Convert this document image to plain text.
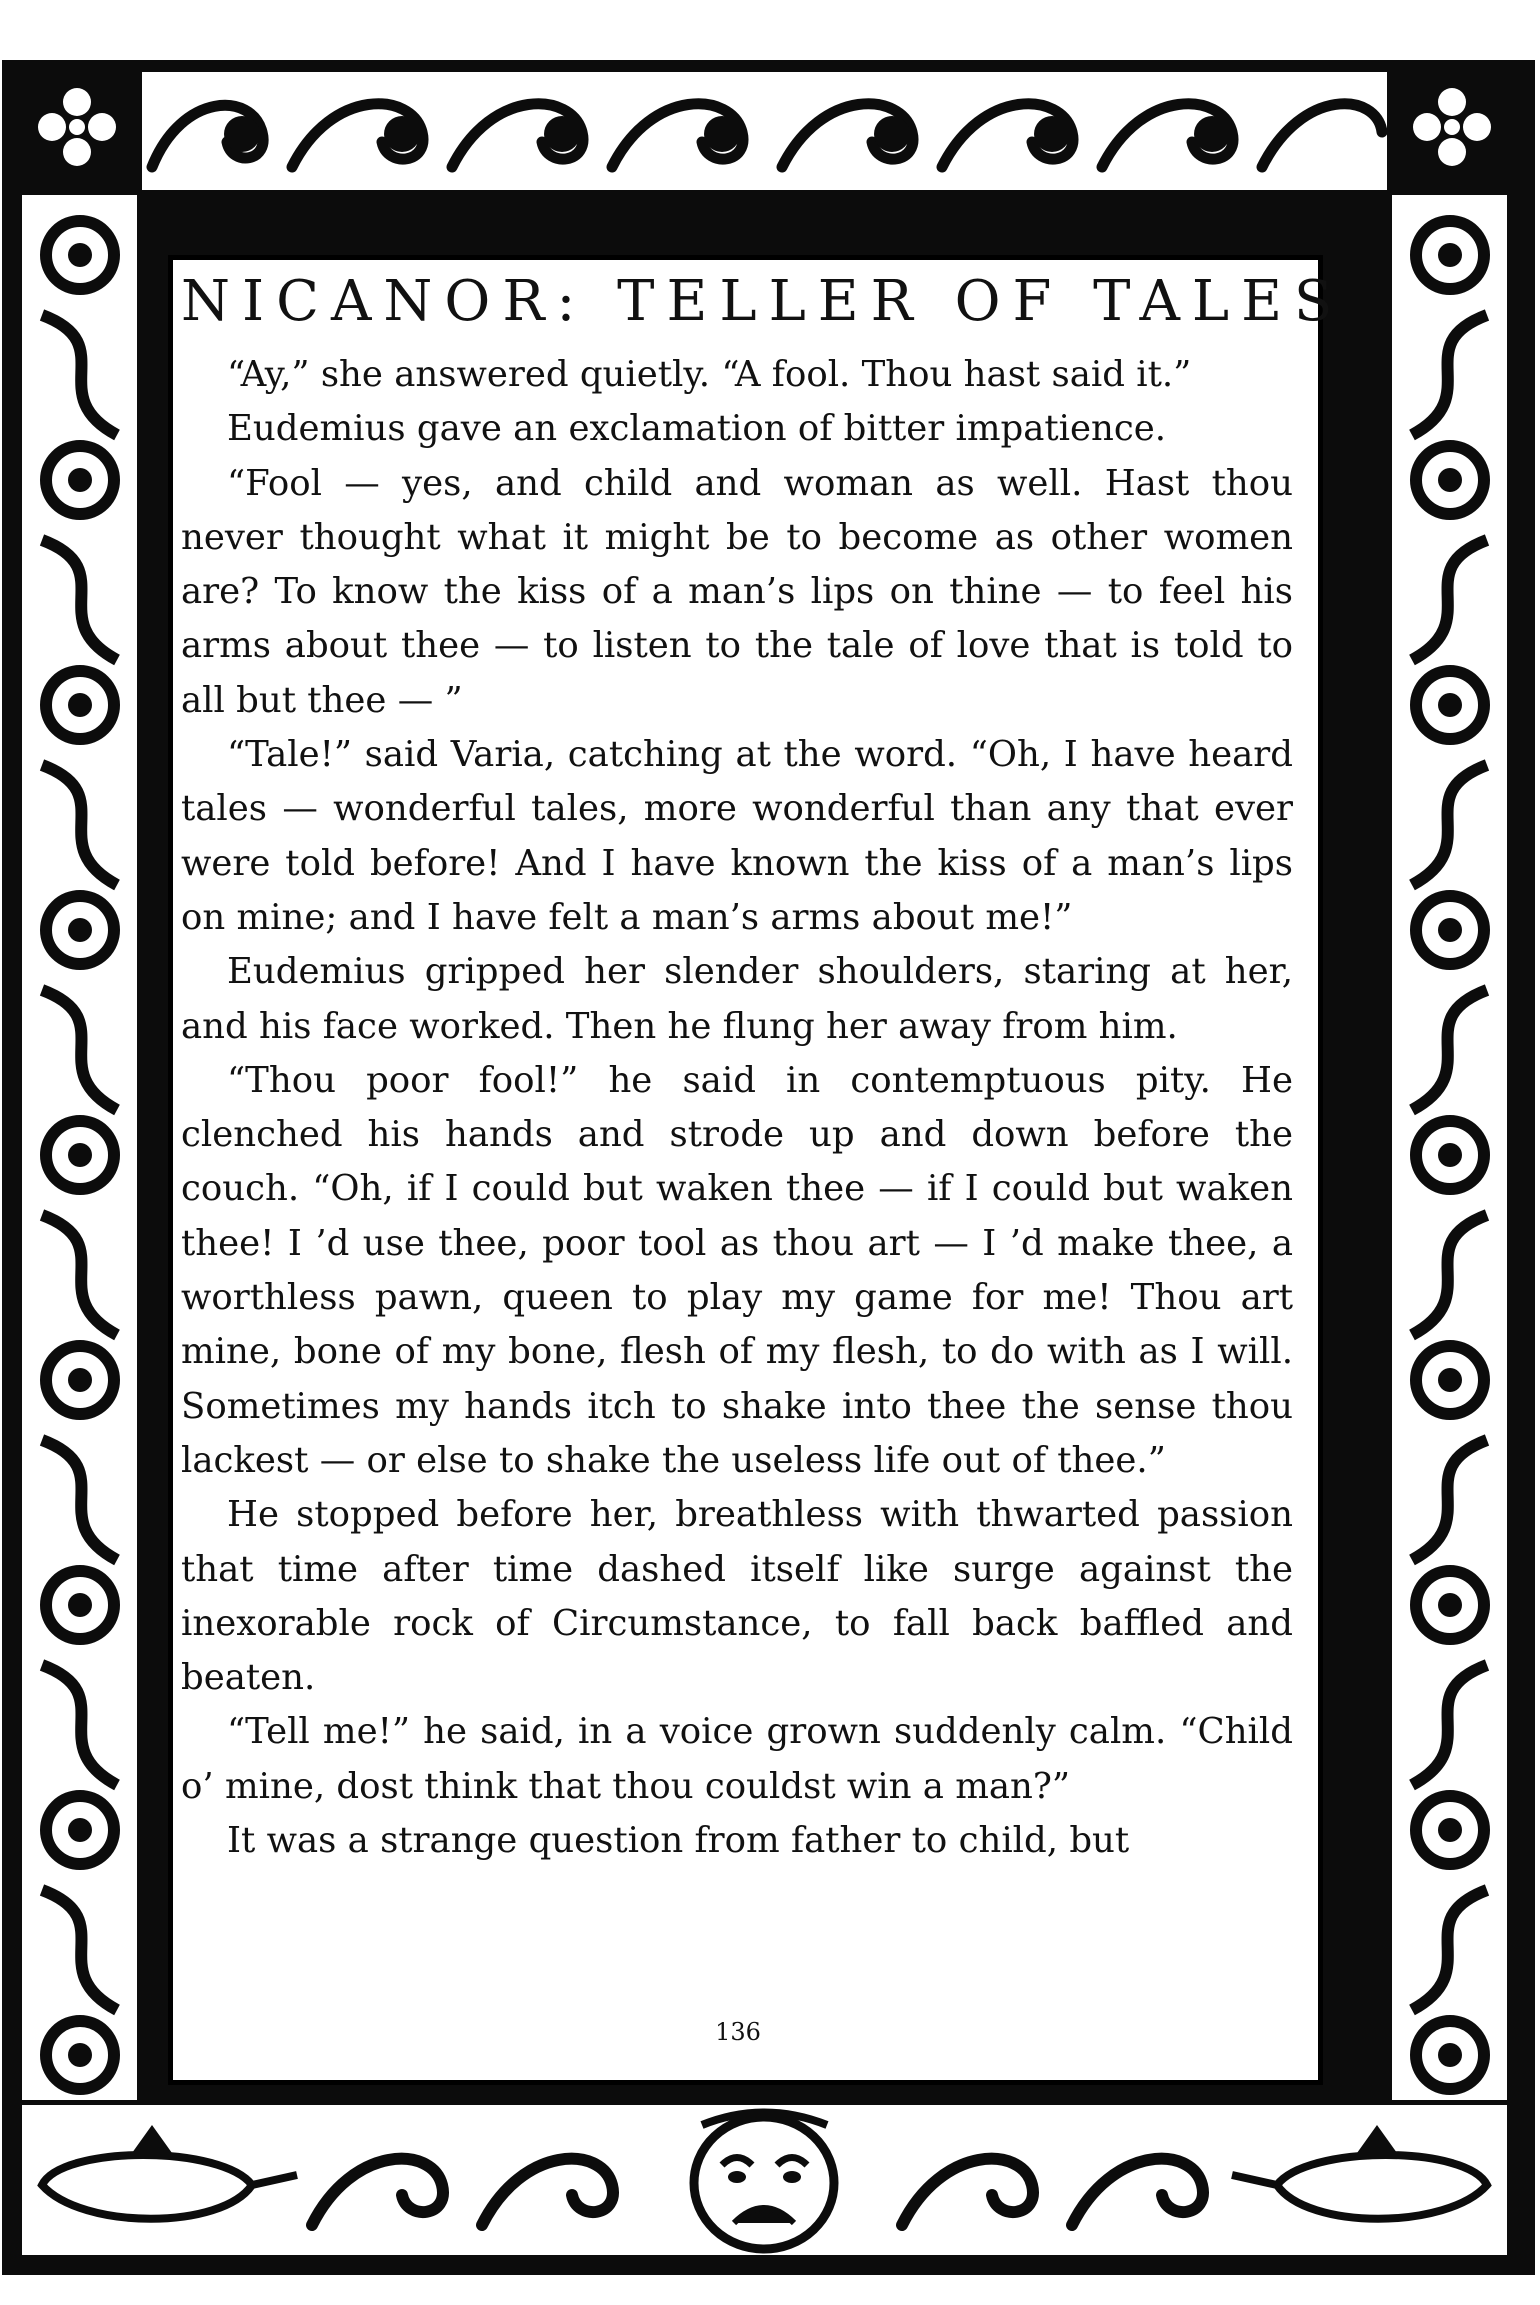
NICANOR: TELLER OF TALES

“Ay,” she answered quietly. “A fool. Thou hast said it.”

Eudemius gave an exclamation of bitter impatience.

“Fool — yes, and child and woman as well. Hast thou never thought what it might be to become as other women are? To know the kiss of a man’s lips on thine — to feel his arms about thee — to listen to the tale of love that is told to all but thee — ”

“Tale!” said Varia, catching at the word. “Oh, I have heard tales — wonderful tales, more wonderful than any that ever were told before! And I have known the kiss of a man’s lips on mine; and I have felt a man’s arms about me!”

Eudemius gripped her slender shoulders, staring at her, and his face worked. Then he flung her away from him.

“Thou poor fool!” he said in contemptuous pity. He clenched his hands and strode up and down before the couch. “Oh, if I could but waken thee — if I could but waken thee! I ’d use thee, poor tool as thou art — I ’d make thee, a worthless pawn, queen to play my game for me! Thou art mine, bone of my bone, flesh of my flesh, to do with as I will. Sometimes my hands itch to shake into thee the sense thou lackest — or else to shake the useless life out of thee.”

He stopped before her, breathless with thwarted passion that time after time dashed itself like surge against the inexorable rock of Circumstance, to fall back baffled and beaten.

“Tell me!” he said, in a voice grown suddenly calm. “Child o’ mine, dost think that thou couldst win a man?”

It was a strange question from father to child, but

136
